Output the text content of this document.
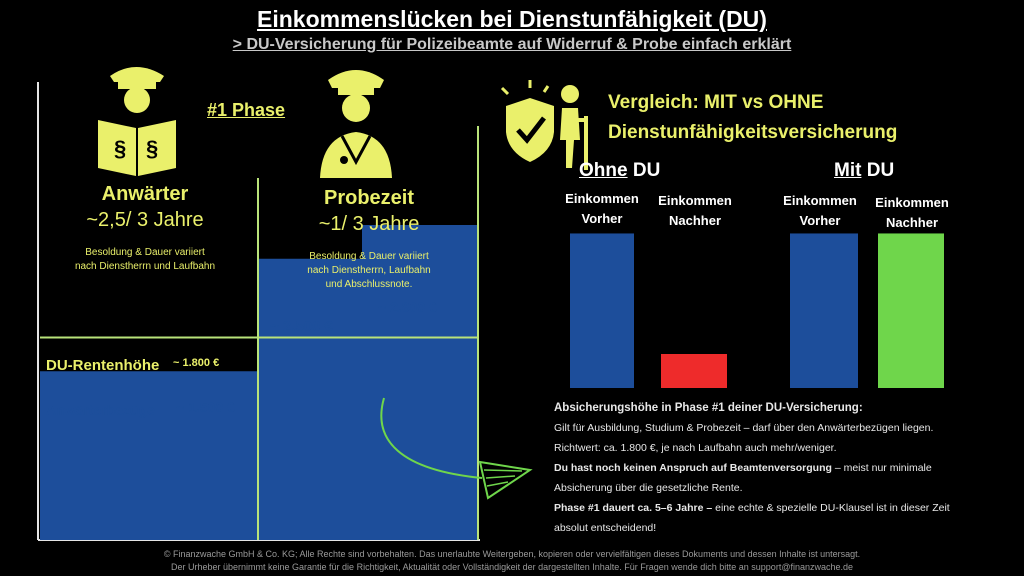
Einkommenslücken bei Dienstunfähigkeit (DU)
> DU-Versicherung für Polizeibeamte auf Widerruf & Probe einfach erklärt
§ §
#1 Phase
Anwärter
~2,5/ 3 Jahre
Besoldung & Dauer variiert
nach Dienstherrn und Laufbahn
Probezeit
~1/ 3 Jahre
Besoldung & Dauer variiert
nach Dienstherrn, Laufbahn
und Abschlussnote.
~ 2.800 €
~ 2.500 €
DU-Rentenhöhe ~ 1.800 €
Anwärterbezüge ~ 1.500 €
Vergleich: MIT vs OHNE
Dienstunfähigkeitsversicherung
Ohne DU	Mit DU
Einkommen
Vorher
Einkommen
Nachher
Einkommen
Vorher
Einkommen
Nachher
Absicherungshöhe in Phase #1 deiner DU-Versicherung:
Gilt für Ausbildung, Studium & Probezeit – darf über den Anwärterbezügen liegen.
Richtwert: ca. 1.800 €, je nach Laufbahn auch mehr/weniger.
Du hast noch keinen Anspruch auf Beamtenversorgung – meist nur minimale
Absicherung über die gesetzliche Rente.
Phase #1 dauert ca. 5–6 Jahre – eine echte & spezielle DU-Klausel ist in dieser Zeit
absolut entscheidend!
© Finanzwache GmbH & Co. KG; Alle Rechte sind vorbehalten. Das unerlaubte Weitergeben, kopieren oder vervielfältigen dieses Dokuments und dessen Inhalte ist untersagt.
Der Urheber übernimmt keine Garantie für die Richtigkeit, Aktualität oder Vollständigkeit der dargestellten Inhalte. Für Fragen wende dich bitte an support@finanzwache.de
